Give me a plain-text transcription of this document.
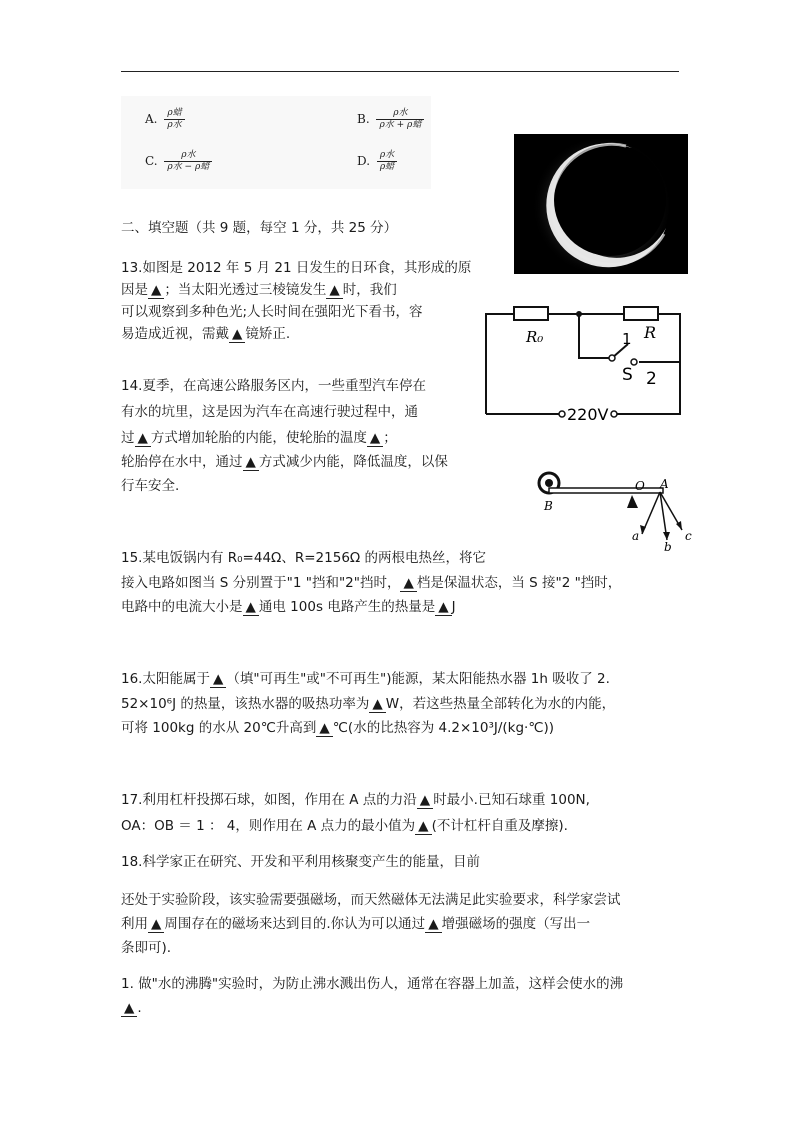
A. $\frac{\text{ρ蜡}}{\text{ρ水}}$	B. $\frac{\text{ρ水}}{\text{ρ水 + ρ蜡}}$
C. $\frac{\text{ρ水}}{\text{ρ水 − ρ蜡}}$	D. $\frac{\text{ρ水}}{\text{ρ蜡}}$
二、填空题（共 9 题，每空 1 分，共 25 分）
13.如图是 2012 年 5 月 21 日发生的日环食，其形成的原
因是 ▲ ；当太阳光透过三棱镜发生 ▲ 时，我们
可以观察到多种色光;人长时间在强阳光下看书，容
易造成近视，需戴 ▲ 镜矫正.	R₀	R
1
S 2
220V
14.夏季，在高速公路服务区内，一些重型汽车停在
有水的坑里，这是因为汽车在高速行驶过程中，通
过 ▲ 方式增加轮胎的内能，使轮胎的温度 ▲ ；
轮胎停在水中，通过 ▲ 方式减少内能，降低温度，以保
行车安全.	O A
B
a
b
c
15.某电饭锅内有 R₀=44Ω、R=2156Ω 的两根电热丝，将它
接入电路如图当 S 分别置于"1 "挡和"2"挡时， ▲ 档是保温状态，当 S 接"2 "挡时，
电路中的电流大小是 ▲ 通电 100s 电路产生的热量是 ▲ J
16.太阳能属于 ▲ （填"可再生"或"不可再生")能源，某太阳能热水器 1h 吸收了 2.
52×10⁶J 的热量，该热水器的吸热功率为 ▲ W，若这些热量全部转化为水的内能，
可将 100kg 的水从 20℃升高到 ▲ ℃(水的比热容为 4.2×10³J/(kg·℃))
17.利用杠杆投掷石球，如图，作用在 A 点的力沿 ▲ 时最小.已知石球重 100N,
OA：OB ＝ 1 ： 4，则作用在 A 点力的最小值为 ▲ (不计杠杆自重及摩擦).
18.科学家正在研究、开发和平利用核聚变产生的能量，目前
还处于实验阶段，该实验需要强磁场，而天然磁体无法满足此实验要求，科学家尝试
利用 ▲ 周围存在的磁场来达到目的.你认为可以通过 ▲ 增强磁场的强度（写出一
条即可).
1. 做"水的沸腾"实验时，为防止沸水溅出伤人，通常在容器上加盖，这样会使水的沸
▲ .
